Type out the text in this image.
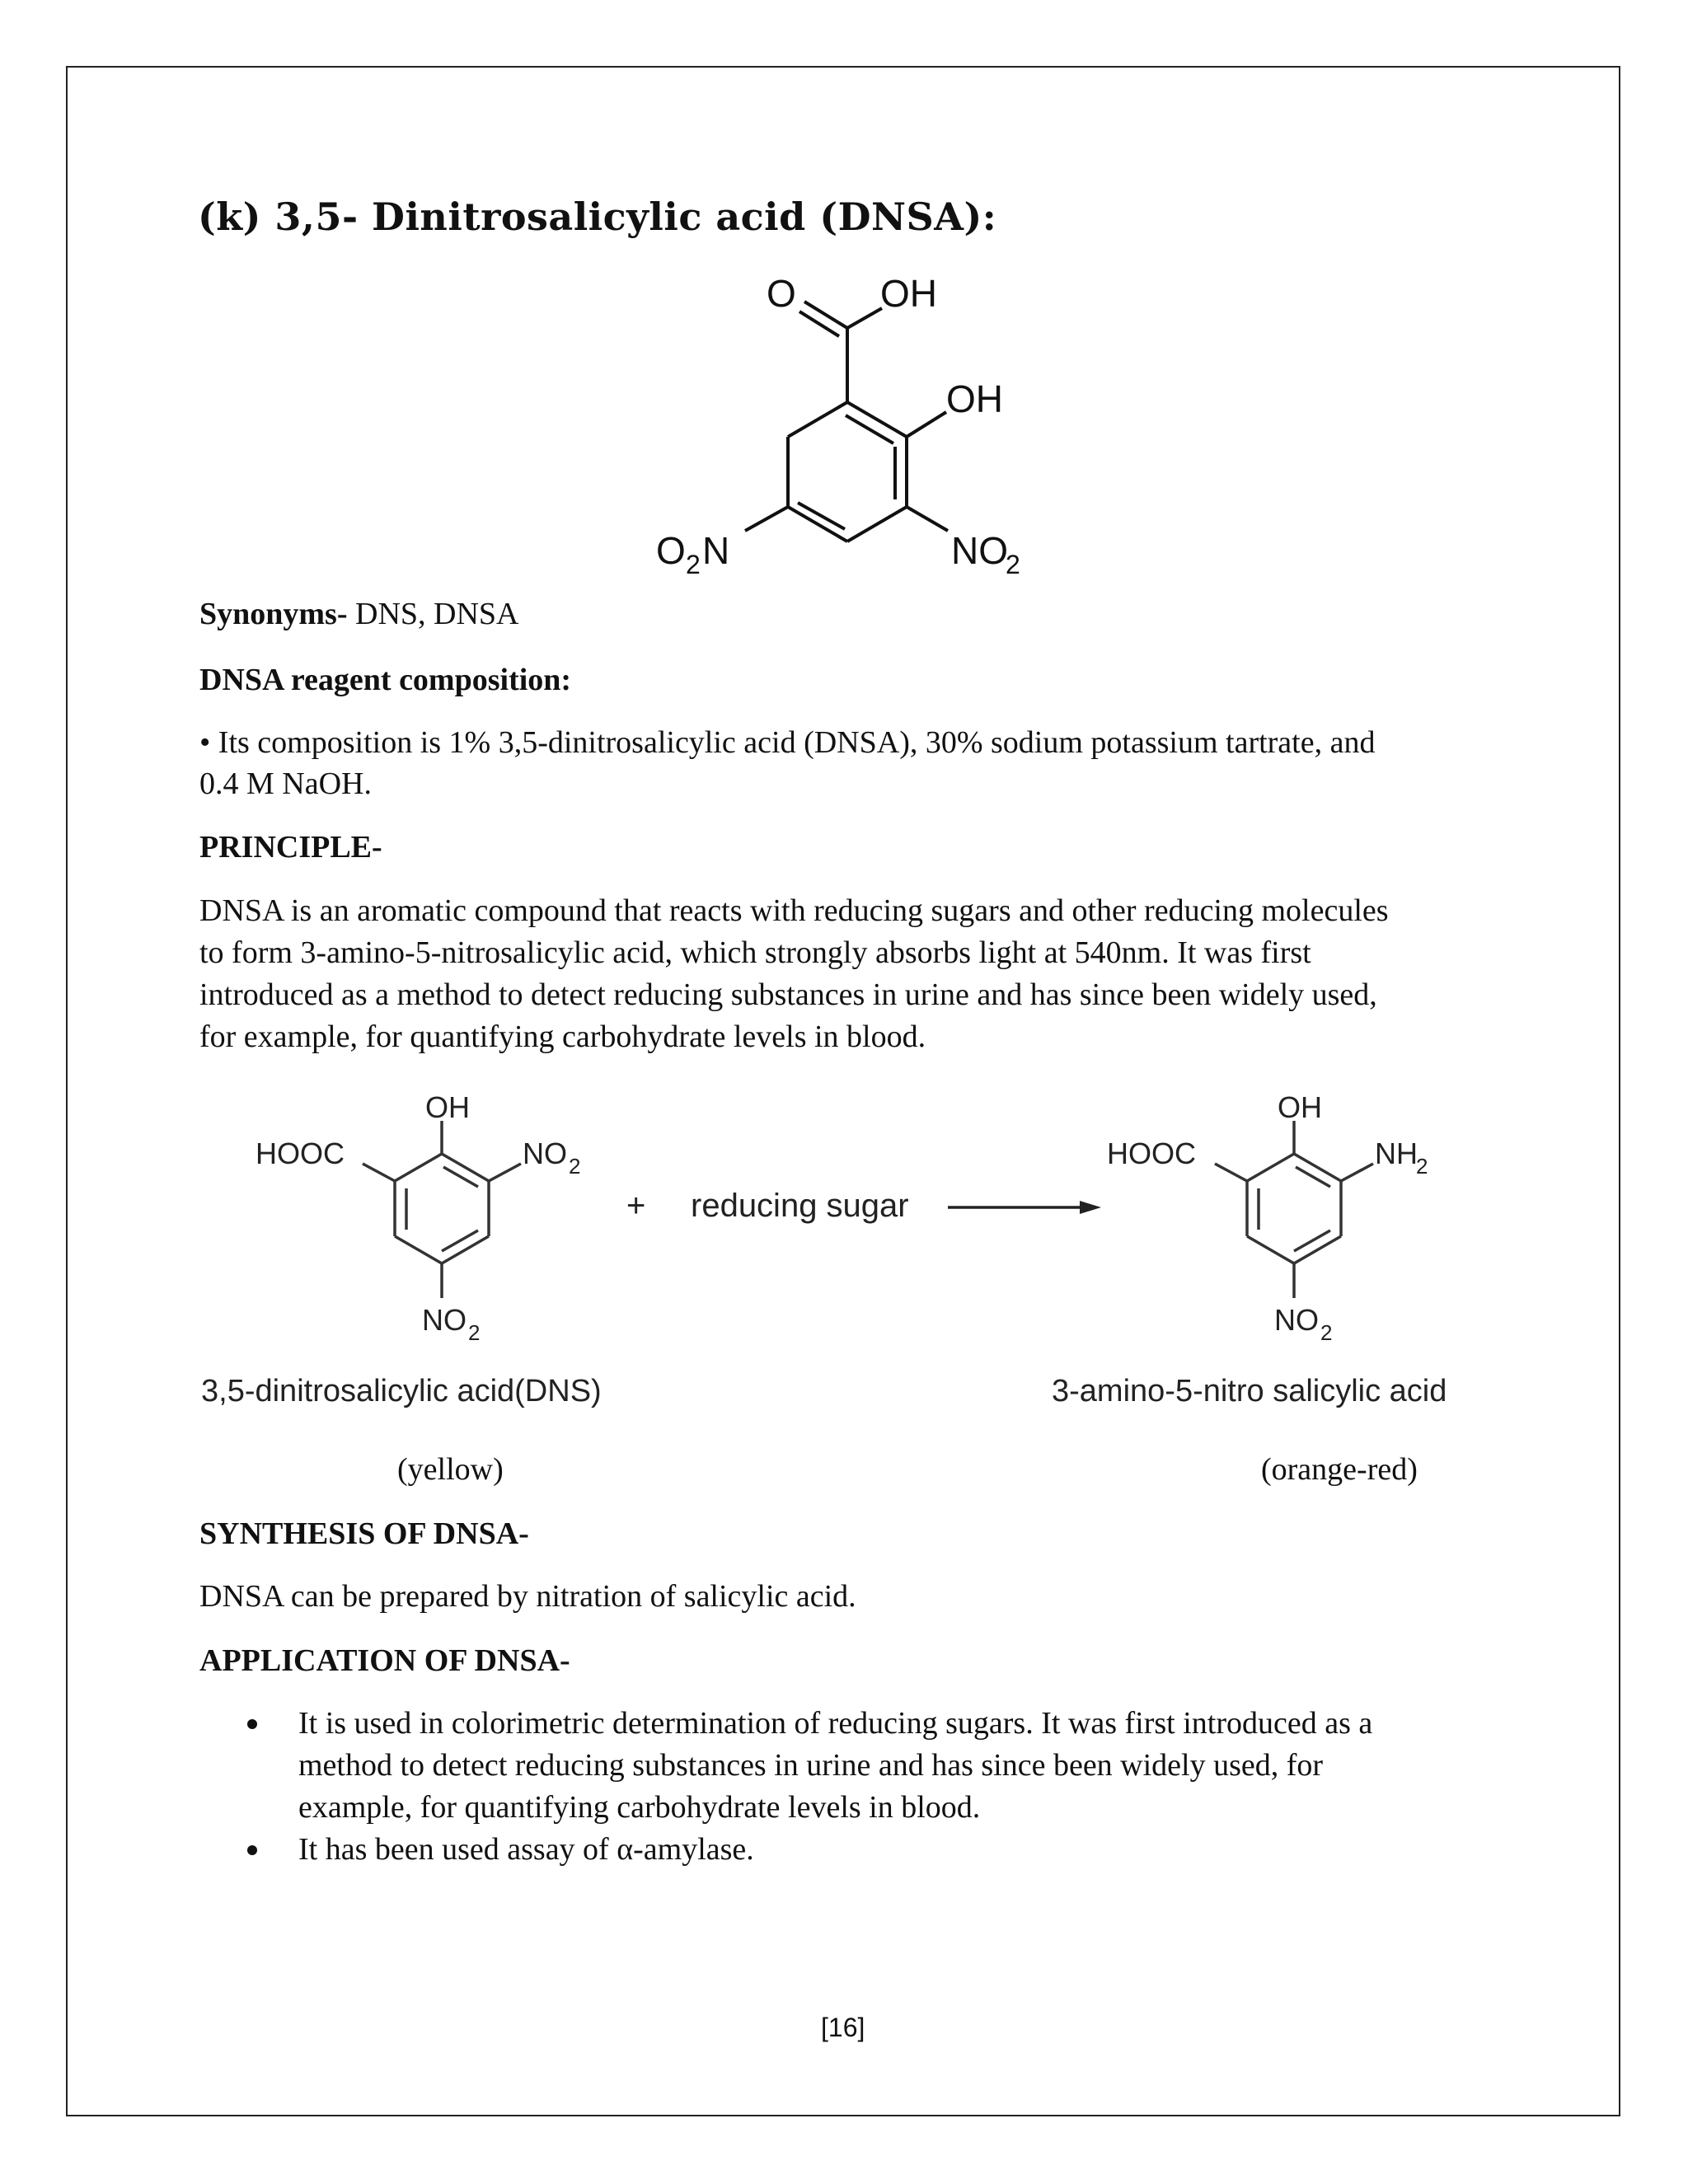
(k) 3,5- Dinitrosalicylic acid (DNSA):
O OH
OH
O 2 N	NO
2
Synonyms- DNS, DNSA
DNSA reagent composition:
• Its composition is 1% 3,5-dinitrosalicylic acid (DNSA), 30% sodium potassium tartrate, and
0.4 M NaOH.
PRINCIPLE-
DNSA is an aromatic compound that reacts with reducing sugars and other reducing molecules
to form 3-amino-5-nitrosalicylic acid, which strongly absorbs light at 540nm. It was first
introduced as a method to detect reducing substances in urine and has since been widely used,
for example, for quantifying carbohydrate levels in blood.
OH
HOOC	NO 2
NO 2
+ reducing sugar
OH
HOOC	NH
2
NO 2
3,5-dinitrosalicylic acid(DNS)	3-amino-5-nitro salicylic acid
(yellow)	(orange-red)
SYNTHESIS OF DNSA-
DNSA can be prepared by nitration of salicylic acid.
APPLICATION OF DNSA-
It is used in colorimetric determination of reducing sugars. It was first introduced as a
method to detect reducing substances in urine and has since been widely used, for
example, for quantifying carbohydrate levels in blood.
It has been used assay of α-amylase.
[16]
